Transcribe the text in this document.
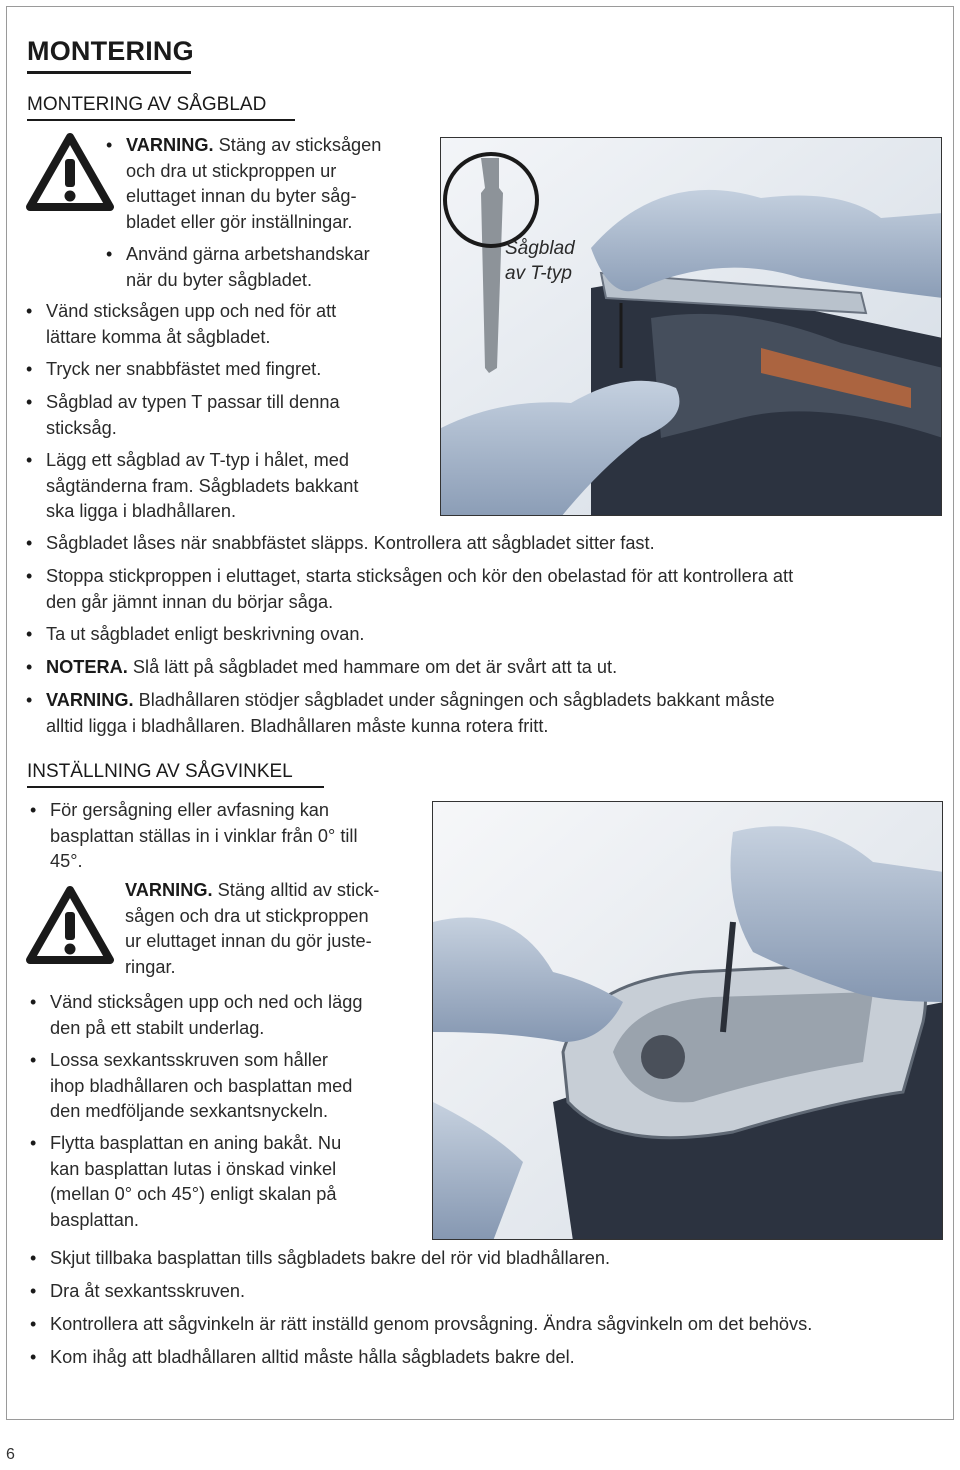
MONTERING
MONTERING AV SÅGBLAD
• VARNING. Stäng av sticksågen
och dra ut stickproppen ur
eluttaget innan du byter såg-
bladet eller gör inställningar.
• Använd gärna arbetshandskar
när du byter sågbladet.
• Vänd sticksågen upp och ned för att
lättare komma åt sågbladet.
• Tryck ner snabbfästet med fingret.
• Sågblad av typen T passar till denna
sticksåg.
• Lägg ett sågblad av T-typ i hålet, med
sågtänderna fram. Sågbladets bakkant
ska ligga i bladhållaren.
• Sågbladet låses när snabbfästet släpps. Kontrollera att sågbladet sitter fast.
• Stoppa stickproppen i eluttaget, starta sticksågen och kör den obelastad för att kontrollera att
den går jämnt innan du börjar såga.
• Ta ut sågbladet enligt beskrivning ovan.
• NOTERA. Slå lätt på sågbladet med hammare om det är svårt att ta ut.
• VARNING. Bladhållaren stödjer sågbladet under sågningen och sågbladets bakkant måste
alltid ligga i bladhållaren. Bladhållaren måste kunna rotera fritt.
Sågblad
av T-typ
INSTÄLLNING AV SÅGVINKEL
• För gersågning eller avfasning kan
basplattan ställas in i vinklar från 0° till
45°.
VARNING. Stäng alltid av stick-
sågen och dra ut stickproppen
ur eluttaget innan du gör juste-
ringar.
• Vänd sticksågen upp och ned och lägg
den på ett stabilt underlag.
• Lossa sexkantsskruven som håller
ihop bladhållaren och basplattan med
den medföljande sexkantsnyckeln.
• Flytta basplattan en aning bakåt. Nu
kan basplattan lutas i önskad vinkel
(mellan 0° och 45°) enligt skalan på
basplattan.
• Skjut tillbaka basplattan tills sågbladets bakre del rör vid bladhållaren.
• Dra åt sexkantsskruven.
• Kontrollera att sågvinkeln är rätt inställd genom provsågning. Ändra sågvinkeln om det behövs.
• Kom ihåg att bladhållaren alltid måste hålla sågbladets bakre del.
6
